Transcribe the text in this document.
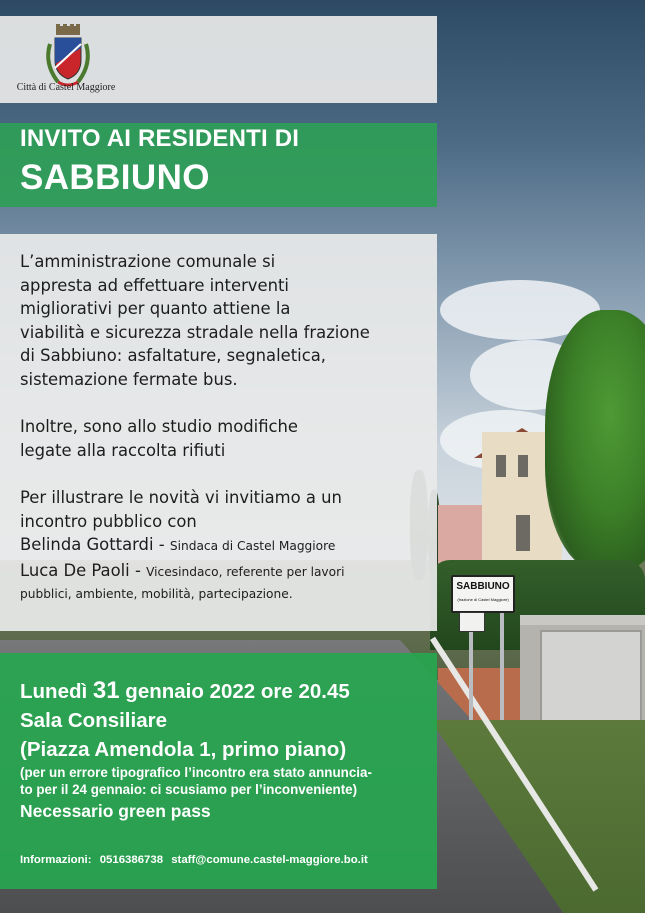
SABBIUNO
(frazione di Castel Maggiore)
Città di Castel Maggiore
INVITO AI RESIDENTI DI
SABBIUNO

L’amministrazione comunale si

appresta ad effettuare interventi

migliorativi per quanto attiene la

viabilità e sicurezza stradale nella frazione

di Sabbiuno: asfaltature, segnaletica,

sistemazione fermate bus.

Inoltre, sono allo studio modifiche

legate alla raccolta rifiuti

Per illustrare le novità vi invitiamo a un

incontro pubblico con

Belinda Gottardi - Sindaca di Castel Maggiore

Luca De Paoli - Vicesindaco, referente per lavori

pubblici, ambiente, mobilità, partecipazione.

Lunedì 31 gennaio 2022 ore 20.45
Sala Consiliare
(Piazza Amendola 1, primo piano)
(per un errore tipografico l’incontro era stato annuncia-
to per il 24 gennaio: ci scusiamo per l’inconveniente)
Necessario green pass
Informazioni: 0516386738 staff@comune.castel-maggiore.bo.it
